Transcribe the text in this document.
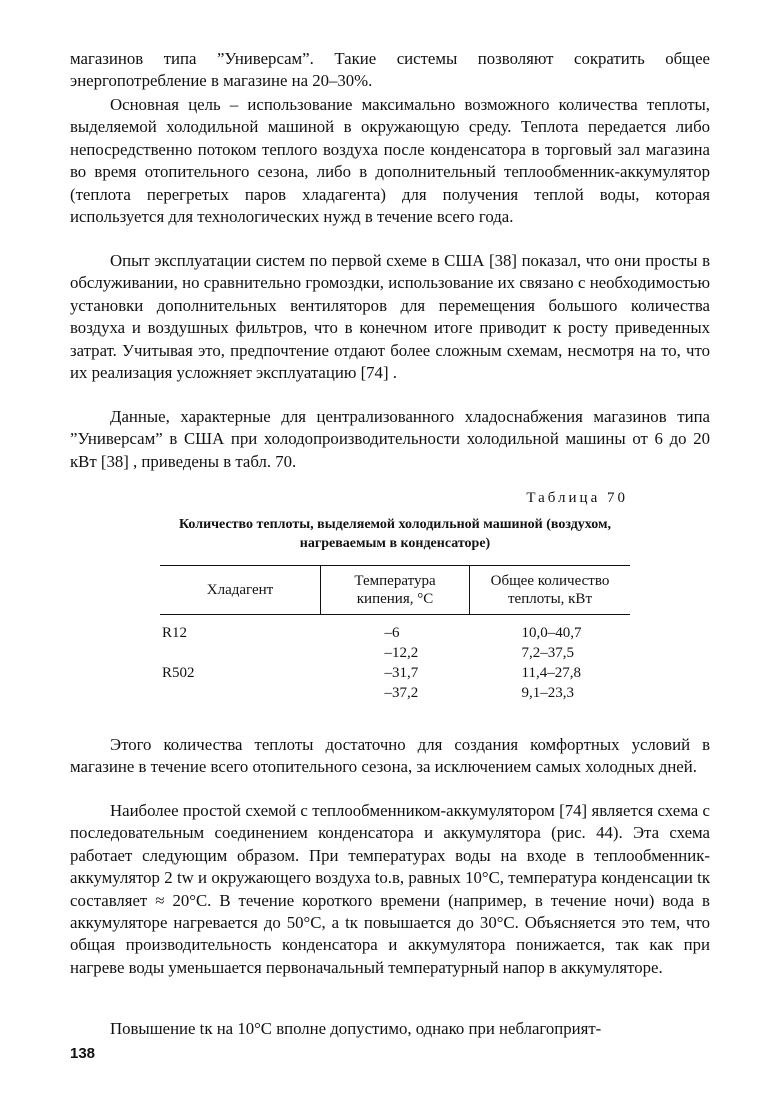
магазинов типа ”Универсам”. Такие системы позволяют сократить общее энергопотребление в магазине на 20–30%.

Основная цель – использование максимально возможного количества теплоты, выделяемой холодильной машиной в окружающую среду. Теплота передается либо непосредственно потоком теплого воздуха после конденсатора в торговый зал магазина во время отопительного сезона, либо в дополнительный теплообменник-аккумулятор (теплота перегретых паров хладагента) для получения теплой воды, которая используется для технологических нужд в течение всего года.

Опыт эксплуатации систем по первой схеме в США [38] показал, что они просты в обслуживании, но сравнительно громоздки, использование их связано с необходимостью установки дополнительных вентиляторов для перемещения большого количества воздуха и воздушных фильтров, что в конечном итоге приводит к росту приведенных затрат. Учитывая это, предпочтение отдают более сложным схемам, несмотря на то, что их реализация усложняет эксплуатацию [74] .

Данные, характерные для централизованного хладоснабжения магазинов типа ”Универсам” в США при холодопроизводительности холодильной машины от 6 до 20 кВт [38] , приведены в табл. 70.

Таблица 70
Количество теплоты, выделяемой холодильной машиной (воздухом, нагреваемым в конденсаторе)
Хладагент	Температура кипения, °С	Общее количество теплоты, кВт
R12	–6	10,0–40,7
	–12,2	7,2–37,5
R502	–31,7	11,4–27,8
	–37,2	9,1–23,3

Этого количества теплоты достаточно для создания комфортных условий в магазине в течение всего отопительного сезона, за исключением самых холодных дней.

Наиболее простой схемой с теплообменником-аккумулятором [74] является схема с последовательным соединением конденсатора и аккумулятора (рис. 44). Эта схема работает следующим образом. При температурах воды на входе в теплообменник-аккумулятор 2 tw и окружающего воздуха tо.в, равных 10°С, температура конденсации tк составляет ≈ 20°С. В течение короткого времени (например, в течение ночи) вода в аккумуляторе нагревается до 50°С, а tк повышается до 30°С. Объясняется это тем, что общая производительность конденсатора и аккумулятора понижается, так как при нагреве воды уменьшается первоначальный температурный напор в аккумуляторе.

Повышение tк на 10°С вполне допустимо, однако при неблагоприят-

138
